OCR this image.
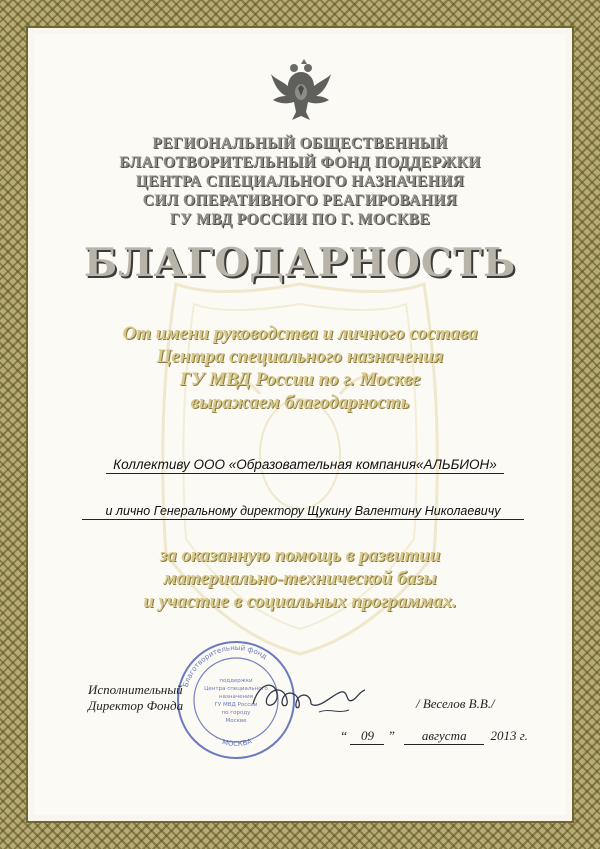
РЕГИОНАЛЬНЫЙ ОБЩЕСТВЕННЫЙ
БЛАГОТВОРИТЕЛЬНЫЙ ФОНД ПОДДЕРЖКИ
ЦЕНТРА СПЕЦИАЛЬНОГО НАЗНАЧЕНИЯ
СИЛ ОПЕРАТИВНОГО РЕАГИРОВАНИЯ
ГУ МВД РОССИИ ПО Г. МОСКВЕ
БЛАГОДАРНОСТЬ
От имени руководства и личного состава
Центра специального назначения
ГУ МВД России по г. Москве
выражаем благодарность
Коллективу ООО «Образовательная компания«АЛЬБИОН»
и лично Генеральному директору Щукину Валентину Николаевичу
за оказанную помощь в развитии
материально-технической базы
и участие в социальных программах.
Благотворительный фонд
МОСКВА
поддержки
Центра специального
назначения
ГУ МВД России
по городу
Москве
Исполнительный
Директор Фонда	/ Веселов В.В./
“ 09 ” августа 2013 г.
